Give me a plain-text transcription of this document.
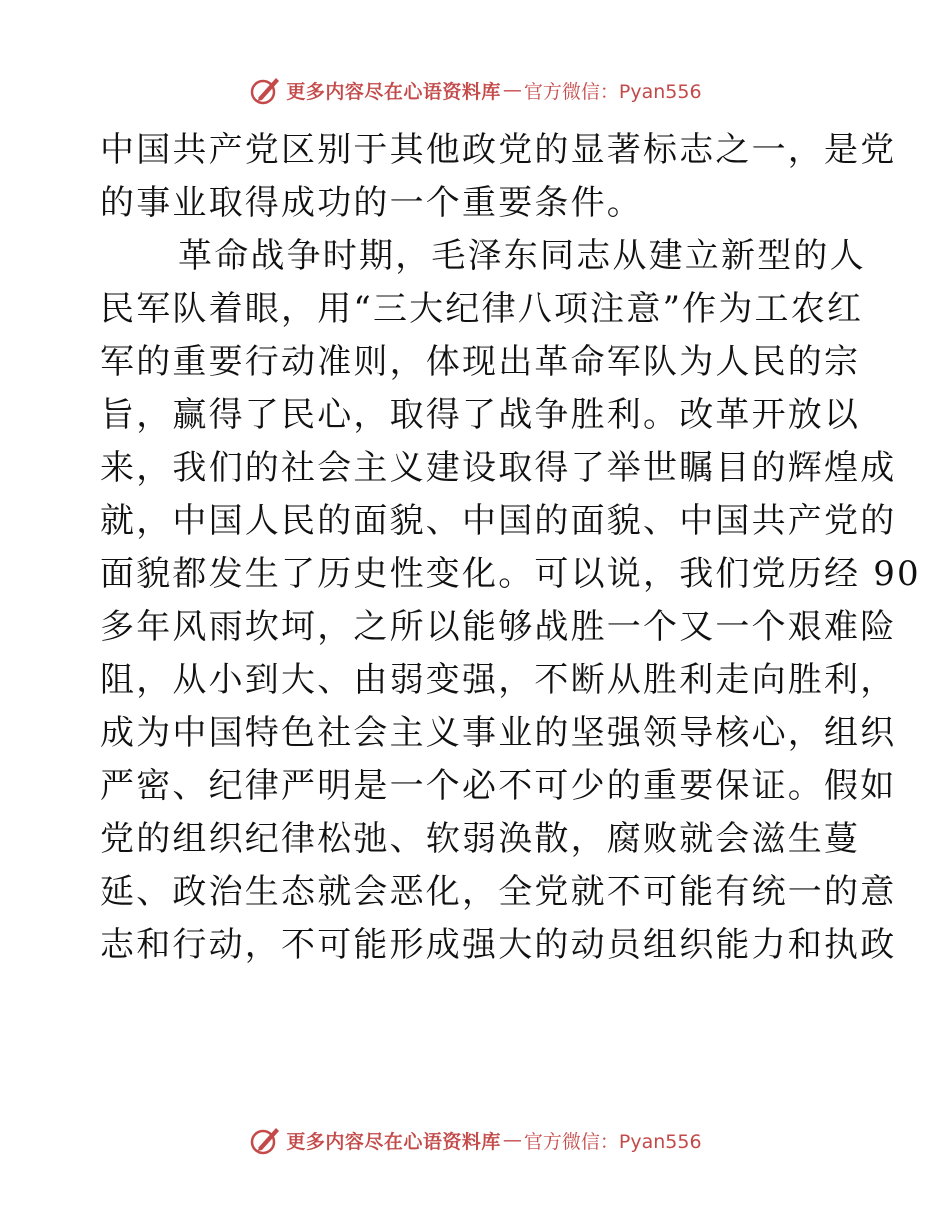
更多内容尽在心语资料库 — 官方微信：Pyan556
中国共产党区别于其他政党的显著标志之一，是党
的事业取得成功的一个重要条件。
革命战争时期，毛泽东同志从建立新型的人
民军队着眼，用“三大纪律八项注意”作为工农红
军的重要行动准则，体现出革命军队为人民的宗
旨，赢得了民心，取得了战争胜利。改革开放以
来，我们的社会主义建设取得了举世瞩目的辉煌成
就，中国人民的面貌、中国的面貌、中国共产党的
面貌都发生了历史性变化。可以说，我们党历经 90
多年风雨坎坷，之所以能够战胜一个又一个艰难险
阻，从小到大、由弱变强，不断从胜利走向胜利，
成为中国特色社会主义事业的坚强领导核心，组织
严密、纪律严明是一个必不可少的重要保证。假如
党的组织纪律松弛、软弱涣散，腐败就会滋生蔓
延、政治生态就会恶化，全党就不可能有统一的意
志和行动，不可能形成强大的动员组织能力和执政
更多内容尽在心语资料库 — 官方微信：Pyan556
